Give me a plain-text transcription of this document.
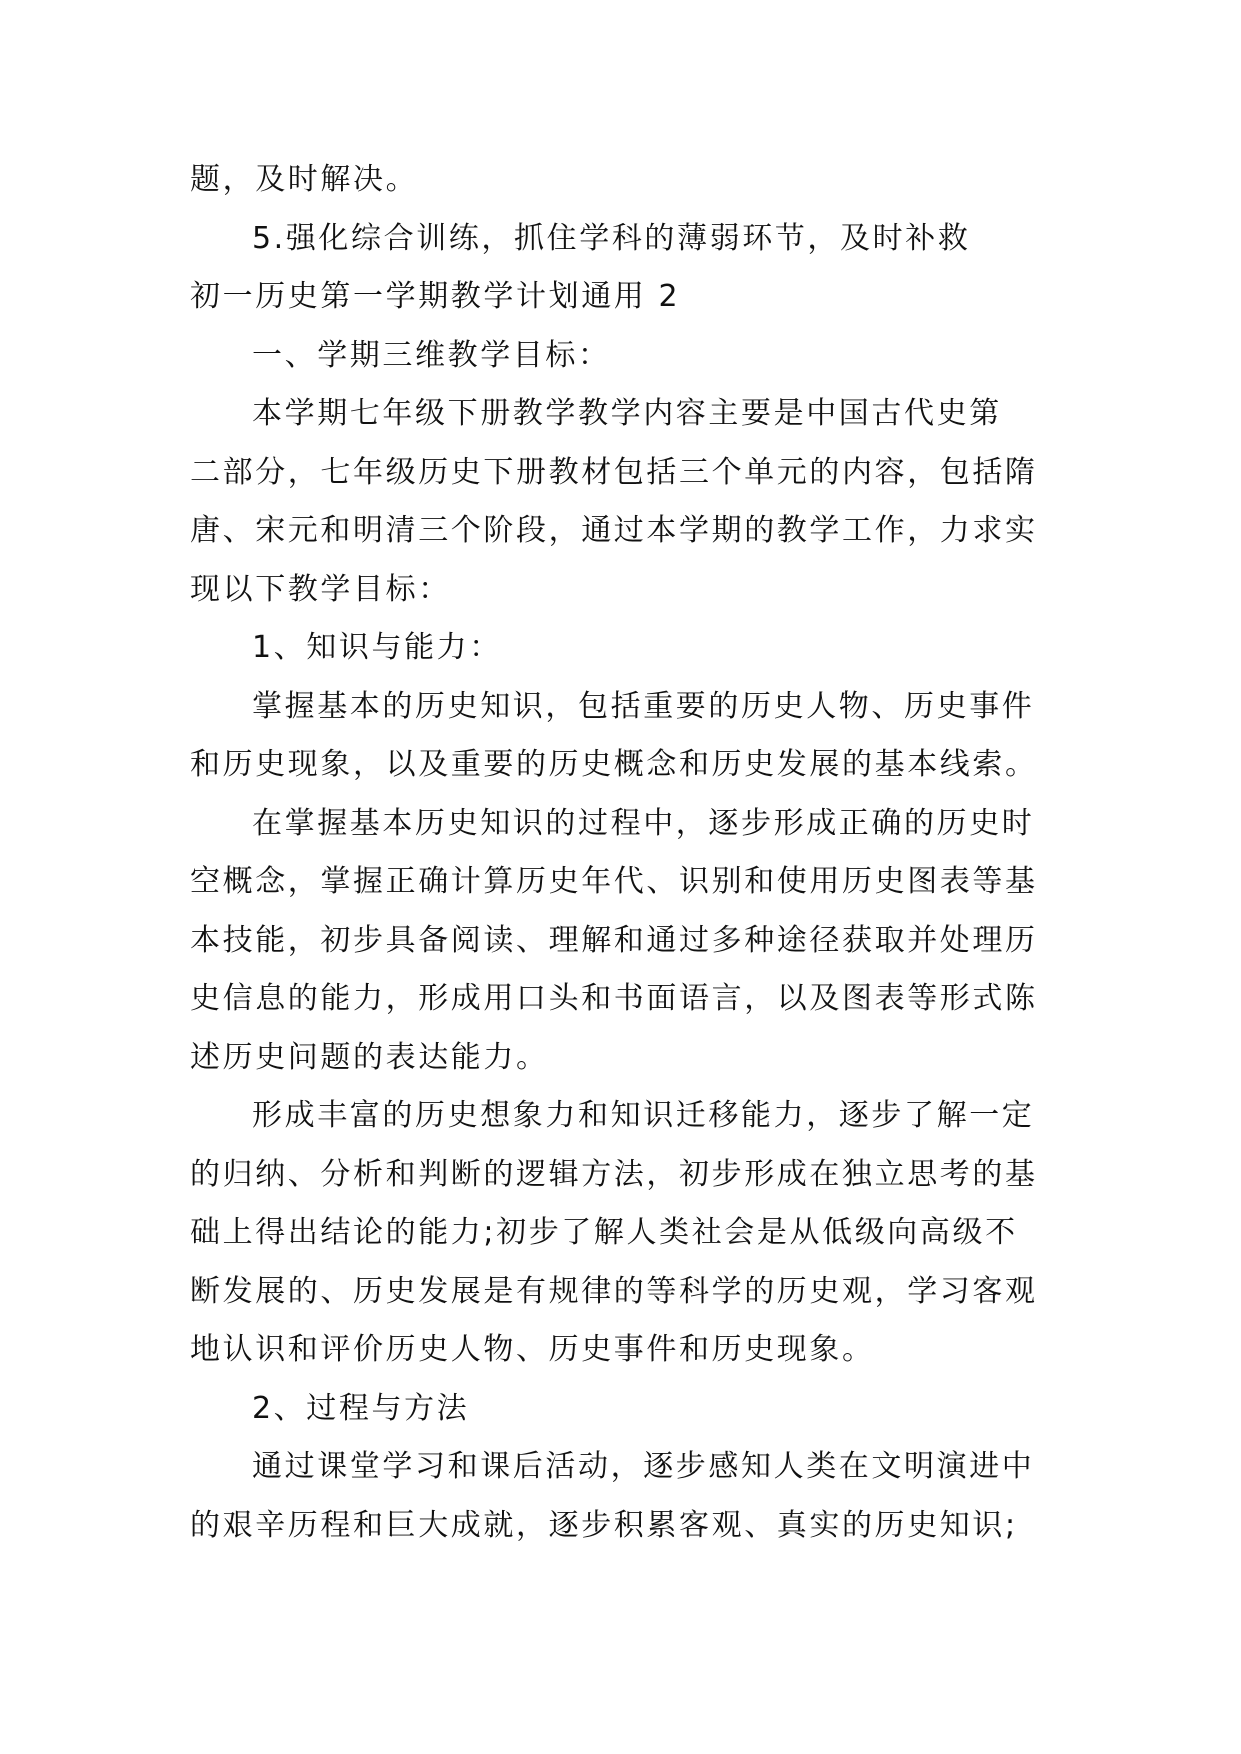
题，及时解决。
5.强化综合训练，抓住学科的薄弱环节，及时补救
初一历史第一学期教学计划通用 2
一、学期三维教学目标：
本学期七年级下册教学教学内容主要是中国古代史第
二部分，七年级历史下册教材包括三个单元的内容，包括隋
唐、宋元和明清三个阶段，通过本学期的教学工作，力求实
现以下教学目标：
1、知识与能力：
掌握基本的历史知识，包括重要的历史人物、历史事件
和历史现象，以及重要的历史概念和历史发展的基本线索。
在掌握基本历史知识的过程中，逐步形成正确的历史时
空概念，掌握正确计算历史年代、识别和使用历史图表等基
本技能，初步具备阅读、理解和通过多种途径获取并处理历
史信息的能力，形成用口头和书面语言，以及图表等形式陈
述历史问题的表达能力。
形成丰富的历史想象力和知识迁移能力，逐步了解一定
的归纳、分析和判断的逻辑方法，初步形成在独立思考的基
础上得出结论的能力;初步了解人类社会是从低级向高级不
断发展的、历史发展是有规律的等科学的历史观，学习客观
地认识和评价历史人物、历史事件和历史现象。
2、过程与方法
通过课堂学习和课后活动，逐步感知人类在文明演进中
的艰辛历程和巨大成就，逐步积累客观、真实的历史知识;
